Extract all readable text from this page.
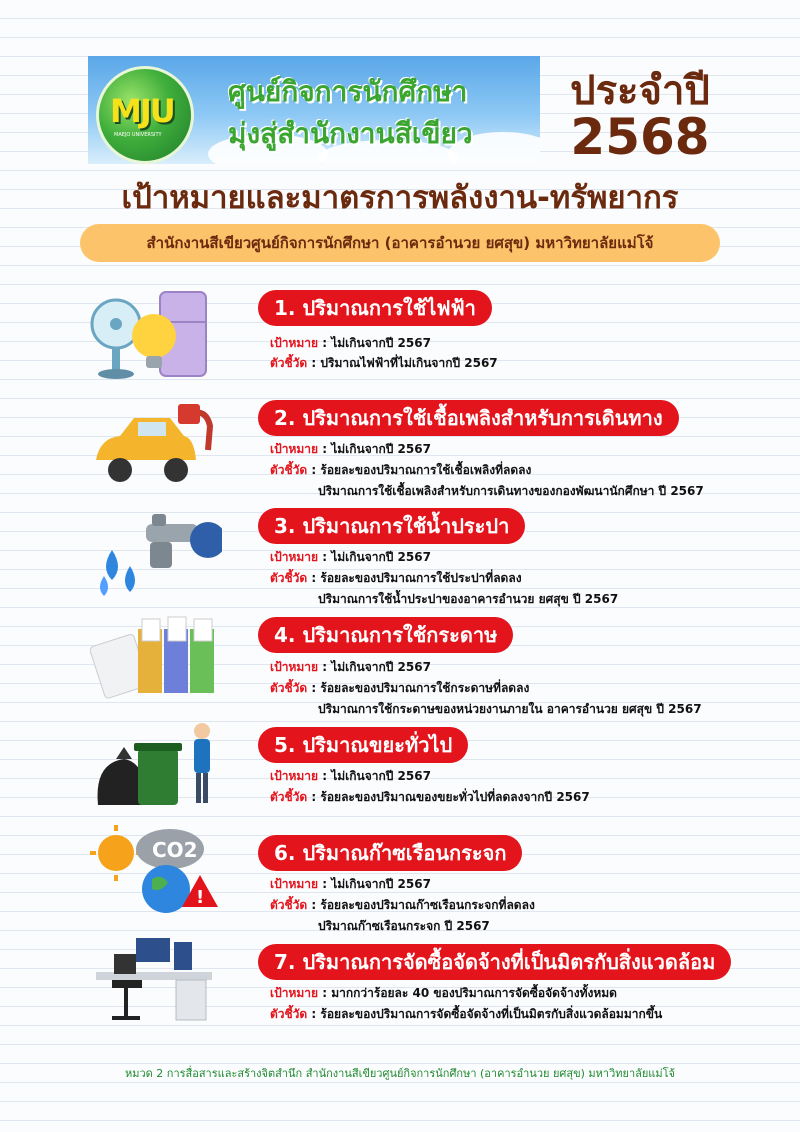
MJU
MAEJO UNIVERSITY
ศูนย์กิจการนักศึกษา
มุ่งสู่สำนักงานสีเขียว
ประจำปี
2568
เป้าหมายและมาตรการพลังงาน-ทรัพยากร
สำนักงานสีเขียวศูนย์กิจการนักศึกษา (อาคารอำนวย ยศสุข) มหาวิทยาลัยแม่โจ้
1. ปริมาณการใช้ไฟฟ้า
เป้าหมาย : ไม่เกินจากปี 2567
ตัวชี้วัด : ปริมาณไฟฟ้าที่ไม่เกินจากปี 2567
2. ปริมาณการใช้เชื้อเพลิงสำหรับการเดินทาง
เป้าหมาย : ไม่เกินจากปี 2567
ตัวชี้วัด : ร้อยละของปริมาณการใช้เชื้อเพลิงที่ลดลง
ปริมาณการใช้เชื้อเพลิงสำหรับการเดินทางของกองพัฒนานักศึกษา ปี 2567
3. ปริมาณการใช้น้ำประปา
เป้าหมาย : ไม่เกินจากปี 2567
ตัวชี้วัด : ร้อยละของปริมาณการใช้ประปาที่ลดลง
ปริมาณการใช้น้ำประปาของอาคารอำนวย ยศสุข ปี 2567
4. ปริมาณการใช้กระดาษ
เป้าหมาย : ไม่เกินจากปี 2567
ตัวชี้วัด : ร้อยละของปริมาณการใช้กระดาษที่ลดลง
ปริมาณการใช้กระดาษของหน่วยงานภายใน อาคารอำนวย ยศสุข ปี 2567
5. ปริมาณขยะทั่วไป
เป้าหมาย : ไม่เกินจากปี 2567
ตัวชี้วัด : ร้อยละของปริมาณของขยะทั่วไปที่ลดลงจากปี 2567
CO2
!
6. ปริมาณก๊าซเรือนกระจก
เป้าหมาย : ไม่เกินจากปี 2567
ตัวชี้วัด : ร้อยละของปริมาณก๊าซเรือนกระจกที่ลดลง
ปริมาณก๊าซเรือนกระจก ปี 2567
7. ปริมาณการจัดซื้อจัดจ้างที่เป็นมิตรกับสิ่งแวดล้อม
เป้าหมาย : มากกว่าร้อยละ 40 ของปริมาณการจัดซื้อจัดจ้างทั้งหมด
ตัวชี้วัด : ร้อยละของปริมาณการจัดซื้อจัดจ้างที่เป็นมิตรกับสิ่งแวดล้อมมากขึ้น
หมวด 2 การสื่อสารและสร้างจิตสำนึก สำนักงานสีเขียวศูนย์กิจการนักศึกษา (อาคารอำนวย ยศสุข) มหาวิทยาลัยแม่โจ้
